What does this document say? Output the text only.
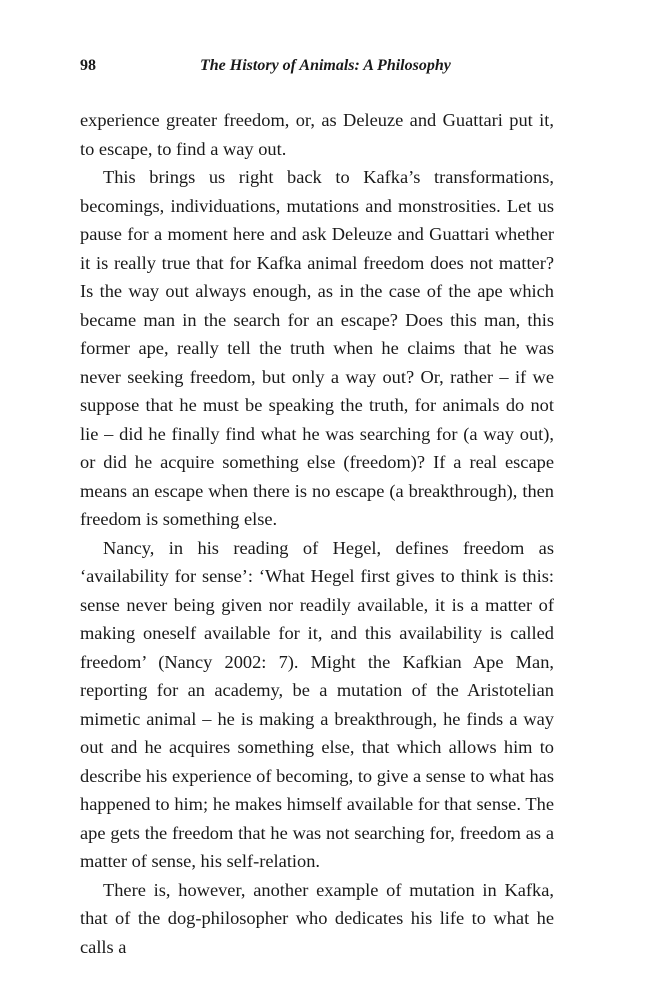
98	The History of Animals: A Philosophy

experience greater freedom, or, as Deleuze and Guattari put it, to escape, to find a way out.

This brings us right back to Kafka’s transformations, becomings, individuations, mutations and monstrosities. Let us pause for a moment here and ask Deleuze and Guattari whether it is really true that for Kafka animal freedom does not matter? Is the way out always enough, as in the case of the ape which became man in the search for an escape? Does this man, this former ape, really tell the truth when he claims that he was never seeking freedom, but only a way out? Or, rather – if we suppose that he must be speaking the truth, for animals do not lie – did he finally find what he was searching for (a way out), or did he acquire something else (freedom)? If a real escape means an escape when there is no escape (a breakthrough), then freedom is something else.

Nancy, in his reading of Hegel, defines freedom as ‘availability for sense’: ‘What Hegel first gives to think is this: sense never being given nor readily available, it is a matter of making oneself available for it, and this availability is called freedom’ (Nancy 2002: 7). Might the Kafkian Ape Man, reporting for an academy, be a mutation of the Aristotelian mimetic animal – he is making a breakthrough, he finds a way out and he acquires something else, that which allows him to describe his experience of becoming, to give a sense to what has happened to him; he makes himself available for that sense. The ape gets the freedom that he was not searching for, freedom as a matter of sense, his self-relation.

There is, however, another example of mutation in Kafka, that of the dog-philosopher who dedicates his life to what he calls a
